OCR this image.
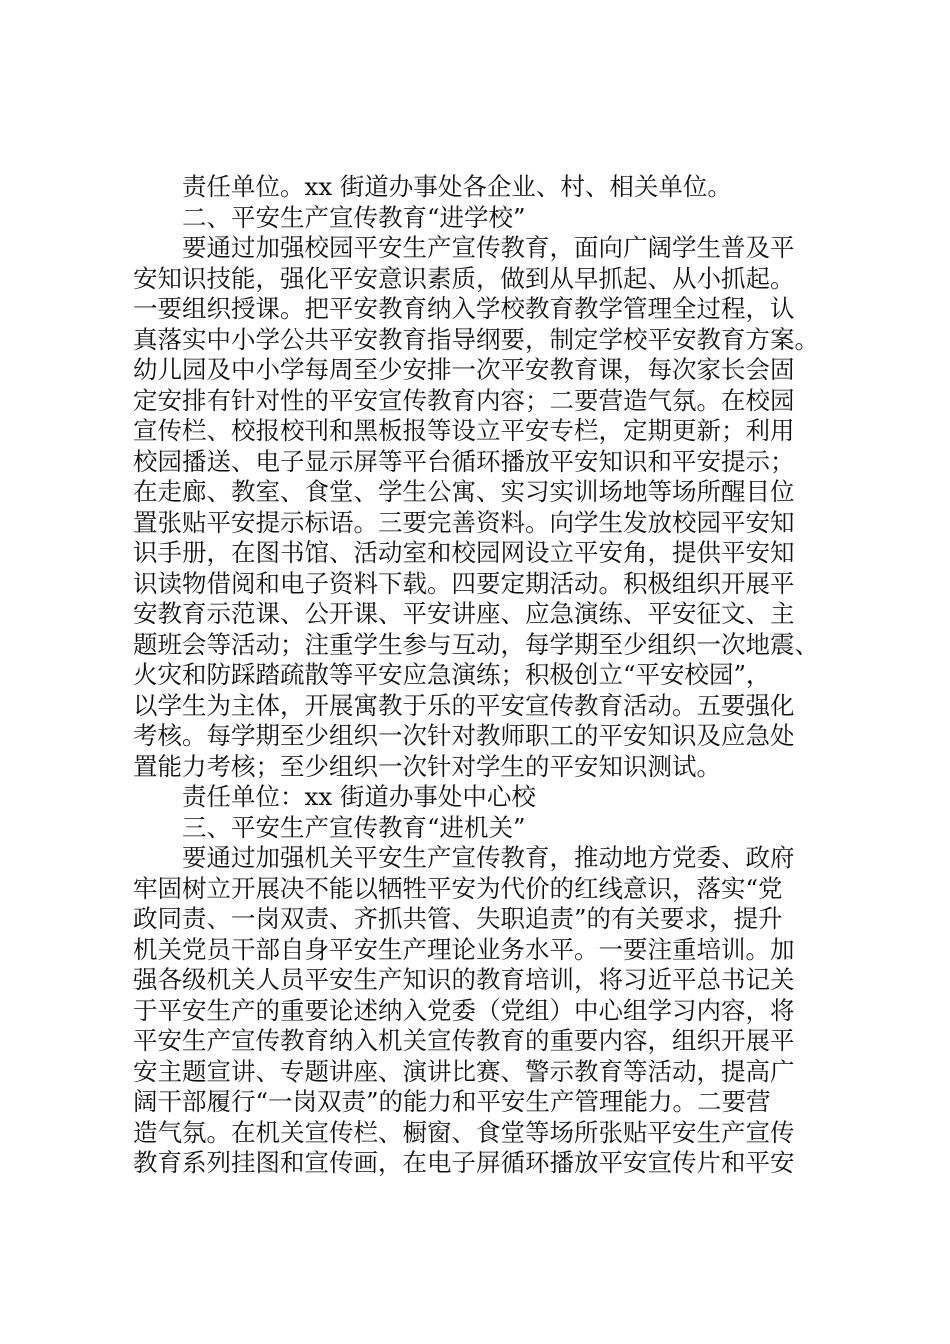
责任单位。xx 街道办事处各企业、村、相关单位。
二、平安生产宣传教育“进学校”
要通过加强校园平安生产宣传教育，面向广阔学生普及平
安知识技能，强化平安意识素质，做到从早抓起、从小抓起。
一要组织授课。把平安教育纳入学校教育教学管理全过程，认
真落实中小学公共平安教育指导纲要，制定学校平安教育方案。
幼儿园及中小学每周至少安排一次平安教育课，每次家长会固
定安排有针对性的平安宣传教育内容；二要营造气氛。在校园
宣传栏、校报校刊和黑板报等设立平安专栏，定期更新；利用
校园播送、电子显示屏等平台循环播放平安知识和平安提示；
在走廊、教室、食堂、学生公寓、实习实训场地等场所醒目位
置张贴平安提示标语。三要完善资料。向学生发放校园平安知
识手册，在图书馆、活动室和校园网设立平安角，提供平安知
识读物借阅和电子资料下载。四要定期活动。积极组织开展平
安教育示范课、公开课、平安讲座、应急演练、平安征文、主
题班会等活动；注重学生参与互动，每学期至少组织一次地震、
火灾和防踩踏疏散等平安应急演练；积极创立“平安校园”，
以学生为主体，开展寓教于乐的平安宣传教育活动。五要强化
考核。每学期至少组织一次针对教师职工的平安知识及应急处
置能力考核；至少组织一次针对学生的平安知识测试。
责任单位：xx 街道办事处中心校
三、平安生产宣传教育“进机关”
要通过加强机关平安生产宣传教育，推动地方党委、政府
牢固树立开展决不能以牺牲平安为代价的红线意识，落实“党
政同责、一岗双责、齐抓共管、失职追责”的有关要求，提升
机关党员干部自身平安生产理论业务水平。一要注重培训。加
强各级机关人员平安生产知识的教育培训，将习近平总书记关
于平安生产的重要论述纳入党委（党组）中心组学习内容，将
平安生产宣传教育纳入机关宣传教育的重要内容，组织开展平
安主题宣讲、专题讲座、演讲比赛、警示教育等活动，提高广
阔干部履行“一岗双责”的能力和平安生产管理能力。二要营
造气氛。在机关宣传栏、橱窗、食堂等场所张贴平安生产宣传
教育系列挂图和宣传画，在电子屏循环播放平安宣传片和平安
